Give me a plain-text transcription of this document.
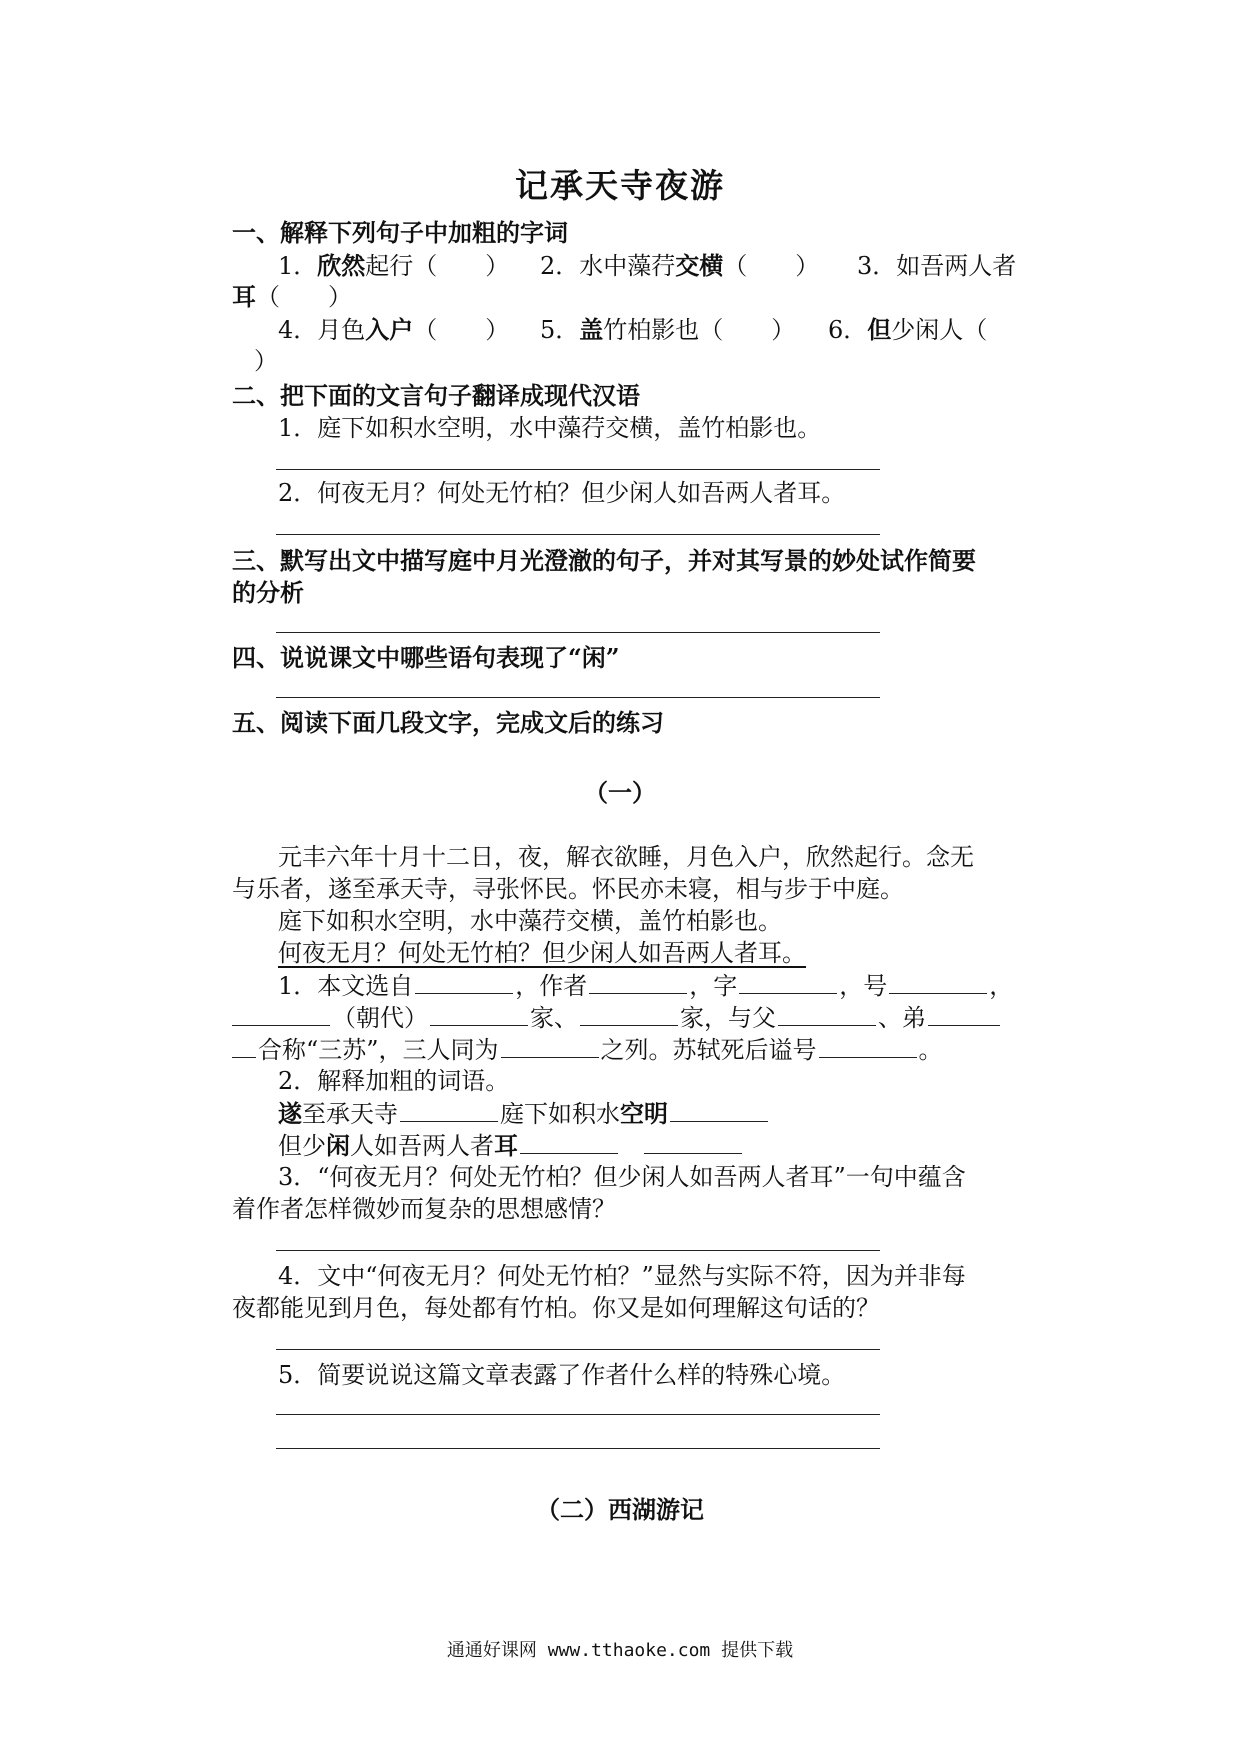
记承天寺夜游
一、解释下列句子中加粗的字词
1．欣然起行（　　） 2．水中藻荇交横（　　） 3．如吾两人者
耳（　　）
4．月色入户（　　） 5．盖竹柏影也（　　） 6．但少闲人（
）
二、把下面的文言句子翻译成现代汉语
1．庭下如积水空明，水中藻荇交横，盖竹柏影也。
2．何夜无月？何处无竹柏？但少闲人如吾两人者耳。
三、默写出文中描写庭中月光澄澈的句子，并对其写景的妙处试作简要
的分析
四、说说课文中哪些语句表现了“闲”
五、阅读下面几段文字，完成文后的练习
（一）
元丰六年十月十二日，夜，解衣欲睡，月色入户，欣然起行。念无
与乐者，遂至承天寺，寻张怀民。怀民亦未寝，相与步于中庭。
庭下如积水空明，水中藻荇交横，盖竹柏影也。
何夜无月？何处无竹柏？但少闲人如吾两人者耳。
1．本文选自	，作者	，字	，号	，
（朝代）	家、	家，与父	、弟
合称“三苏”，三人同为	之列。苏轼死后谥号	。
2．解释加粗的词语。
遂至承天寺	庭下如积水空明
但少闲人如吾两人者耳
3．“何夜无月？何处无竹柏？但少闲人如吾两人者耳”一句中蕴含
着作者怎样微妙而复杂的思想感情？
4．文中“何夜无月？何处无竹柏？”显然与实际不符，因为并非每
夜都能见到月色，每处都有竹柏。你又是如何理解这句话的？
5．简要说说这篇文章表露了作者什么样的特殊心境。
（二）西湖游记
通通好课网 www.tthaoke.com 提供下载
